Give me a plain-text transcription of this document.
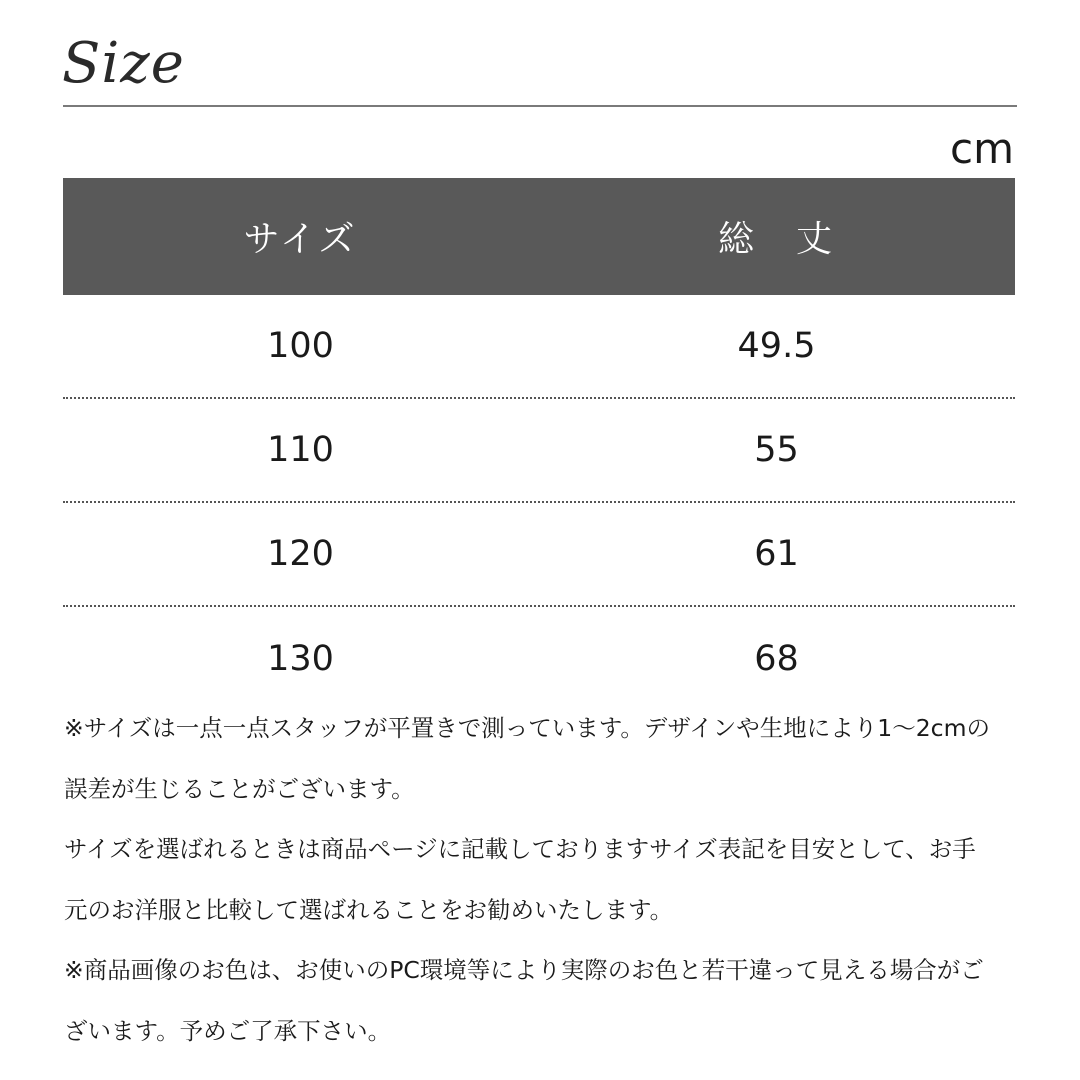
Size
cm
サイズ	総　丈
100	49.5
110	55
120	61
130	68
※サイズは一点一点スタッフが平置きで測っています。デザインや生地により1〜2cmの
誤差が生じることがございます。
サイズを選ばれるときは商品ページに記載しておりますサイズ表記を目安として、お手
元のお洋服と比較して選ばれることをお勧めいたします。
※商品画像のお色は、お使いのPC環境等により実際のお色と若干違って見える場合がご
ざいます。予めご了承下さい。
